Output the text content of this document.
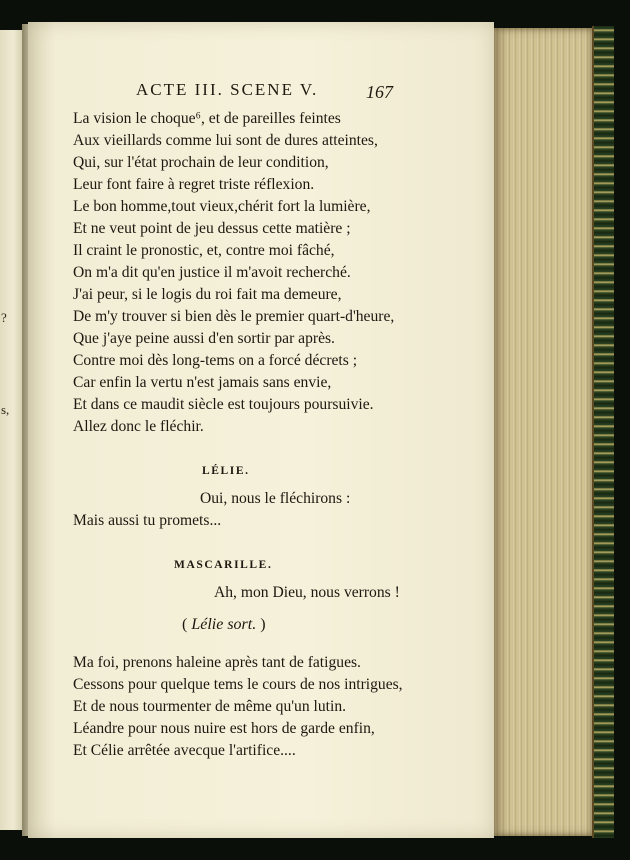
?
s,
ACTE III. SCENE V.	167
La vision le choque⁶, et de pareilles feintes
Aux vieillards comme lui sont de dures atteintes,
Qui, sur l'état prochain de leur condition,
Leur font faire à regret triste réflexion.
Le bon homme,tout vieux,chérit fort la lumière,
Et ne veut point de jeu dessus cette matière ;
Il craint le pronostic, et, contre moi fâché,
On m'a dit qu'en justice il m'avoit recherché.
J'ai peur, si le logis du roi fait ma demeure,
De m'y trouver si bien dès le premier quart-d'heure,
Que j'aye peine aussi d'en sortir par après.
Contre moi dès long-tems on a forcé décrets ;
Car enfin la vertu n'est jamais sans envie,
Et dans ce maudit siècle est toujours poursuivie.
Allez donc le fléchir.
LÉLIE.
Oui, nous le fléchirons :
Mais aussi tu promets...
MASCARILLE.
Ah, mon Dieu, nous verrons !
( Lélie sort. )
Ma foi, prenons haleine après tant de fatigues.
Cessons pour quelque tems le cours de nos intrigues,
Et de nous tourmenter de même qu'un lutin.
Léandre pour nous nuire est hors de garde enfin,
Et Célie arrêtée avecque l'artifice....
